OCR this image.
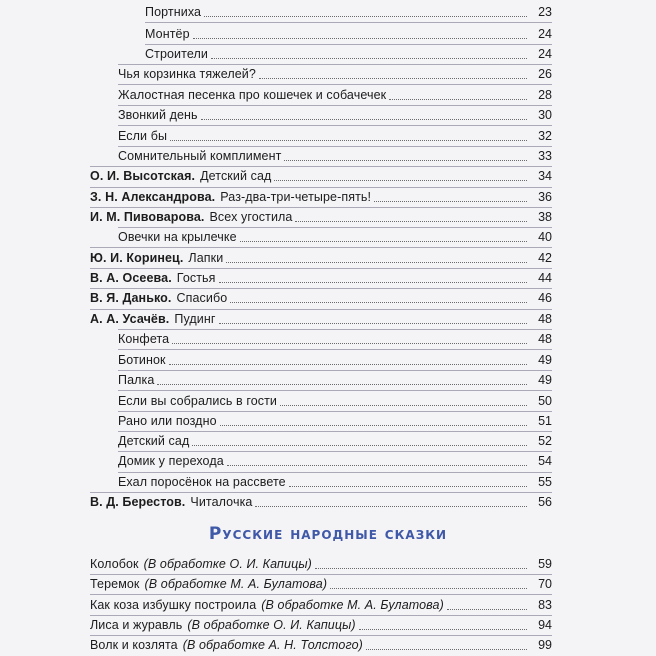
Портниха	23
Монтёр	24
Строители	24
Чья корзинка тяжелей?	26
Жалостная песенка про кошечек и собачечек	28
Звонкий день	30
Если бы	32
Сомнительный комплимент	33
О. И. Высотская. Детский сад	34
З. Н. Александрова. Раз-два-три-четыре-пять!	36
И. М. Пивоварова. Всех угостила	38
Овечки на крылечке	40
Ю. И. Коринец. Лапки	42
В. А. Осеева. Гостья	44
В. Я. Данько. Спасибо	46
А. А. Усачёв. Пудинг	48
Конфета	48
Ботинок	49
Палка	49
Если вы собрались в гости	50
Рано или поздно	51
Детский сад	52
Домик у перехода	54
Ехал поросёнок на рассвете	55
В. Д. Берестов. Читалочка	56
Русские народные сказки
Колобок (В обработке О. И. Капицы)	59
Теремок (В обработке М. А. Булатова)	70
Как коза избушку построила (В обработке М. А. Булатова)	83
Лиса и журавль (В обработке О. И. Капицы)	94
Волк и козлята (В обработке А. Н. Толстого)	99
